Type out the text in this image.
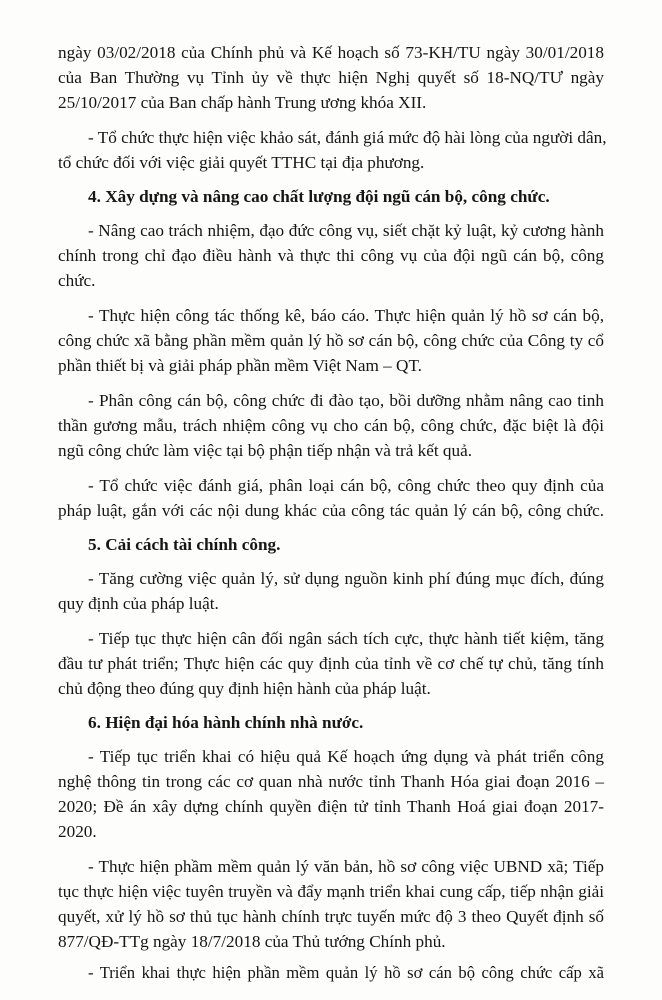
ngày 03/02/2018 của Chính phủ và Kế hoạch số 73-KH/TU ngày 30/01/2018
của Ban Thường vụ Tỉnh ủy về thực hiện Nghị quyết số 18-NQ/TƯ ngày
25/10/2017 của Ban chấp hành Trung ương khóa XII.
- Tổ chức thực hiện việc khảo sát, đánh giá mức độ hài lòng của người dân,
tổ chức đối với việc giải quyết TTHC tại địa phương.
4. Xây dựng và nâng cao chất lượng đội ngũ cán bộ, công chức.
- Nâng cao trách nhiệm, đạo đức công vụ, siết chặt kỷ luật, kỷ cương hành
chính trong chỉ đạo điều hành và thực thi công vụ của đội ngũ cán bộ, công
chức.
- Thực hiện công tác thống kê, báo cáo. Thực hiện quản lý hồ sơ cán bộ,
công chức xã bằng phần mềm quản lý hồ sơ cán bộ, công chức của Công ty cổ
phần thiết bị và giải pháp phần mềm Việt Nam – QT.
- Phân công cán bộ, công chức đi đào tạo, bồi dưỡng nhằm nâng cao tinh
thần gương mẫu, trách nhiệm công vụ cho cán bộ, công chức, đặc biệt là đội
ngũ công chức làm việc tại bộ phận tiếp nhận và trả kết quả.
- Tổ chức việc đánh giá, phân loại cán bộ, công chức theo quy định của
pháp luật, gắn với các nội dung khác của công tác quản lý cán bộ, công chức.
5. Cải cách tài chính công.
- Tăng cường việc quản lý, sử dụng nguồn kinh phí đúng mục đích, đúng
quy định của pháp luật.
- Tiếp tục thực hiện cân đối ngân sách tích cực, thực hành tiết kiệm, tăng
đầu tư phát triển; Thực hiện các quy định của tỉnh về cơ chế tự chủ, tăng tính
chủ động theo đúng quy định hiện hành của pháp luật.
6. Hiện đại hóa hành chính nhà nước.
- Tiếp tục triển khai có hiệu quả Kế hoạch ứng dụng và phát triển công
nghệ thông tin trong các cơ quan nhà nước tỉnh Thanh Hóa giai đoạn 2016 –
2020; Đề án xây dựng chính quyền điện tử tỉnh Thanh Hoá giai đoạn 2017-
2020.
- Thực hiện phầm mềm quản lý văn bản, hồ sơ công việc UBND xã; Tiếp
tục thực hiện việc tuyên truyền và đẩy mạnh triển khai cung cấp, tiếp nhận giải
quyết, xử lý hồ sơ thủ tục hành chính trực tuyến mức độ 3 theo Quyết định số
877/QĐ-TTg ngày 18/7/2018 của Thủ tướng Chính phủ.
- Triển khai thực hiện phần mềm quản lý hồ sơ cán bộ công chức cấp xã
